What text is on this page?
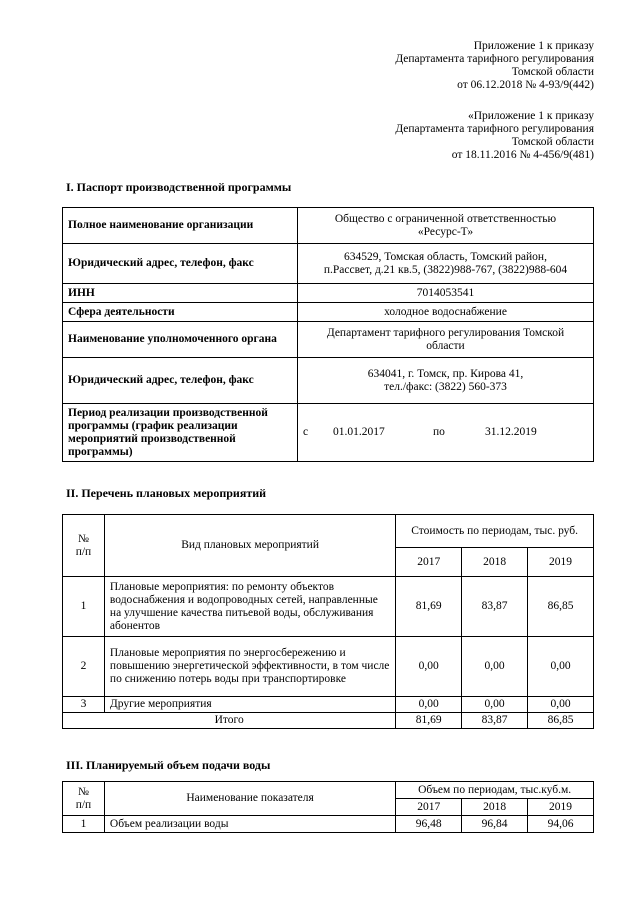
Приложение 1 к приказу
Департамента тарифного регулирования
Томской области
от 06.12.2018 № 4-93/9(442)
«Приложение 1 к приказу
Департамента тарифного регулирования
Томской области
от 18.11.2016 № 4-456/9(481)
I. Паспорт производственной программы
Полное наименование организации	Общество с ограниченной ответственностью
«Ресурс-Т»

Юридический адрес, телефон, факс	634529, Томская область, Томский район,
п.Рассвет, д.21 кв.5, (3822)988-767, (3822)988-604

ИНН	7014053541
Сфера деятельности	холодное водоснабжение
Наименование уполномоченного органа	Департамент тарифного регулирования Томской
области

Юридический адрес, телефон, факс	634041, г. Томск, пр. Кирова 41,
тел./факс: (3822) 560-373

Период реализации производственной программы (график реализации мероприятий производственной программы)	с 01.01.2017 по 31.12.2019
II. Перечень плановых мероприятий
№
п/п	Вид плановых мероприятий	Стоимость по периодам, тыс. руб.		
		2017	2018	2019
1	Плановые мероприятия: по ремонту объектов водоснабжения и водопроводных сетей, направленные на улучшение качества питьевой воды, обслуживания абонентов	81,69	83,87	86,85
2	Плановые мероприятия по энергосбережению и повышению энергетической эффективности, в том числе по снижению потерь воды при транспортировке	0,00	0,00	0,00
3	Другие мероприятия	0,00	0,00	0,00
Итого		81,69	83,87	86,85
III. Планируемый объем подачи воды
№
п/п	Наименование показателя	Объем по периодам, тыс.куб.м.		
		2017	2018	2019
1	Объем реализации воды	96,48	96,84	94,06
